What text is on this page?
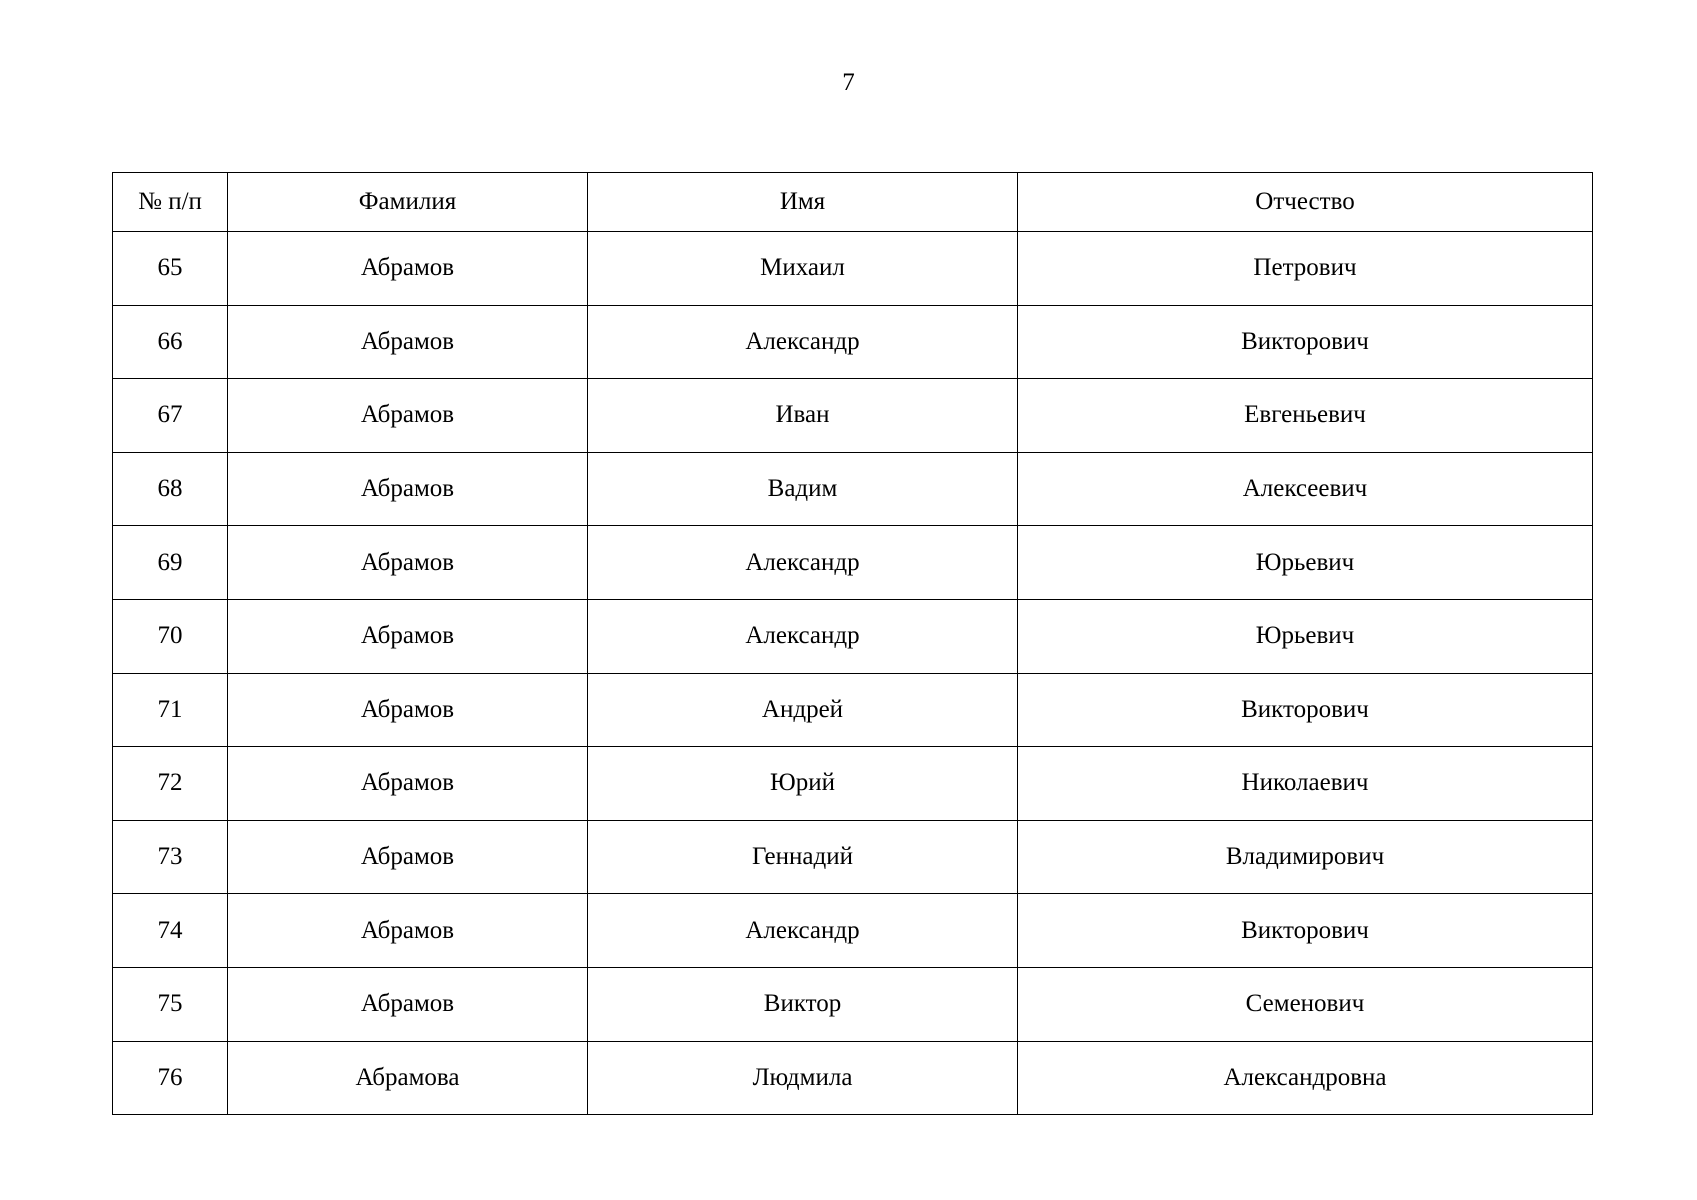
7
№ п/п	Фамилия	Имя	Отчество
65	Абрамов	Михаил	Петрович
66	Абрамов	Александр	Викторович
67	Абрамов	Иван	Евгеньевич
68	Абрамов	Вадим	Алексеевич
69	Абрамов	Александр	Юрьевич
70	Абрамов	Александр	Юрьевич
71	Абрамов	Андрей	Викторович
72	Абрамов	Юрий	Николаевич
73	Абрамов	Геннадий	Владимирович
74	Абрамов	Александр	Викторович
75	Абрамов	Виктор	Семенович
76	Абрамова	Людмила	Александровна
